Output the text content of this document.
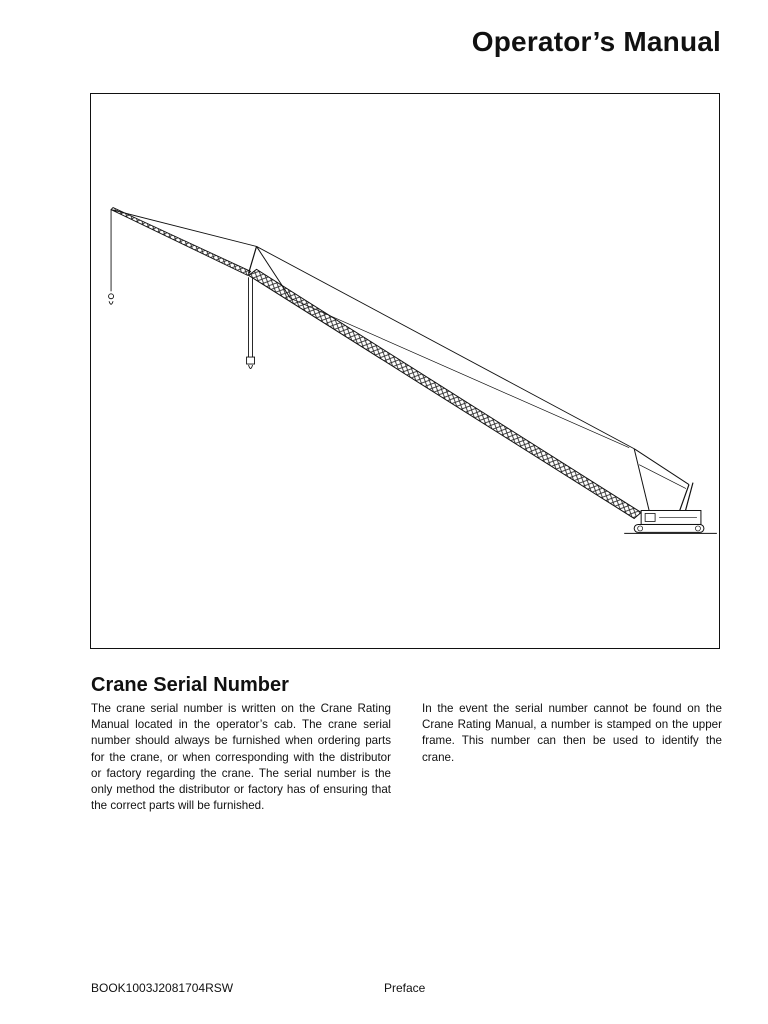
Operator’s Manual
Crane Serial Number

The crane serial number is written on the Crane Rating Manual located in the operator’s cab. The crane serial number should always be furnished when ordering parts for the crane, or when corresponding with the distributor or factory regarding the crane. The serial number is the only method the distributor or factory has of ensuring that the correct parts will be furnished.

In the event the serial number cannot be found on the Crane Rating Manual, a number is stamped on the upper frame. This number can then be used to identify the crane.

BOOK1003J2081704RSW	Preface
